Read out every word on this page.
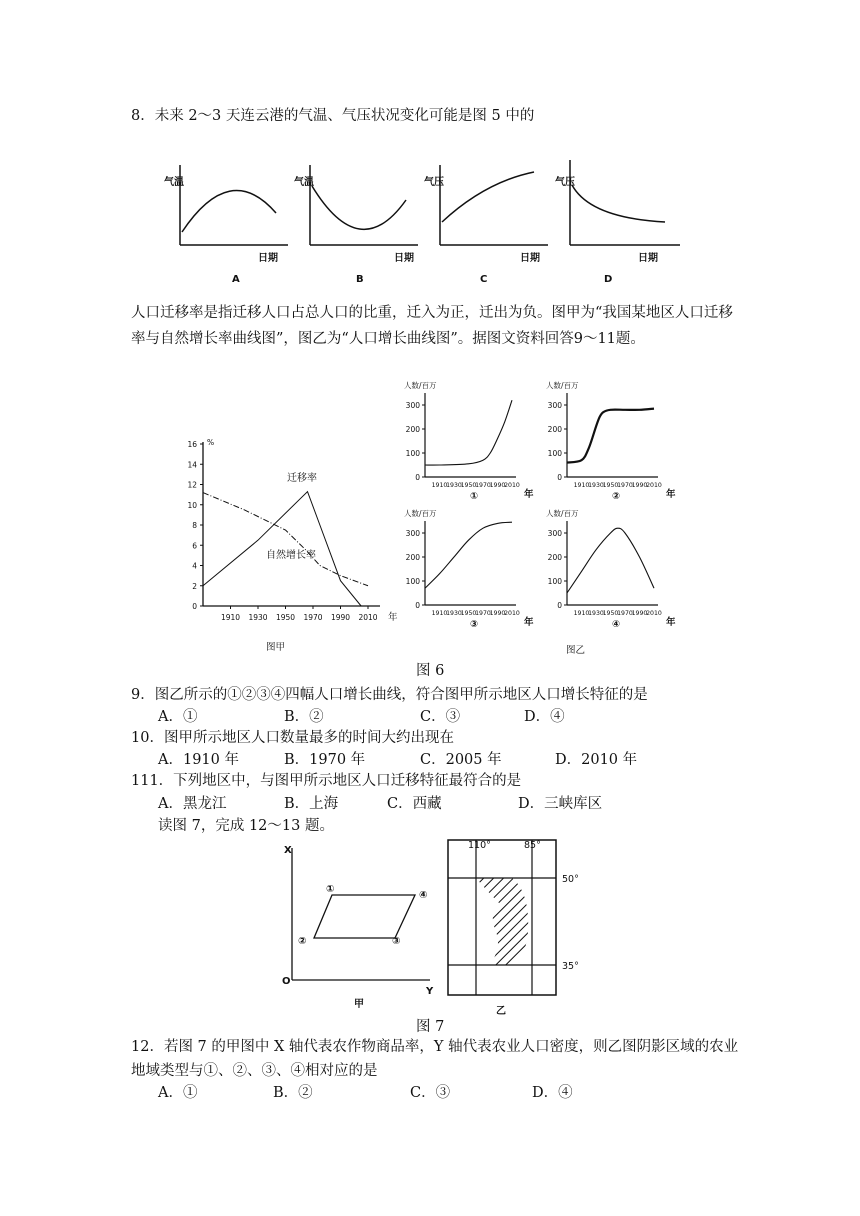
8．未来 2～3 天连云港的气温、气压状况变化可能是图 5 中的
气温
日期
A
气温
日期
B
气压
日期
C
气压
日期
D
人口迁移率是指迁移人口占总人口的比重，迁入为正，迁出为负。图甲为“我国某地区人口迁移率与自然增长率曲线图”，图乙为“人口增长曲线图”。据图文资料回答9～11题。
%
16
14
12
10
8
6
4
2
0
1910 1930 1950 1970 1990 2010 年
迁移率
自然增长率
图甲
人数/百万
300
200
100
0
1910
1930
1950
1970
1990
2010
年
①
人数/百万
300
200
100
0
1910
1930
1950
1970
1990
2010
年
②
人数/百万
300
200
100
0
1910
1930
1950
1970
1990
2010
年
③
人数/百万
300
200
100
0
1910
1930
1950
1970
1990
2010
年
④
图乙
图 6
9．图乙所示的①②③④四幅人口增长曲线，符合图甲所示地区人口增长特征的是
A．①	B．②	C．③	D．④
10．图甲所示地区人口数量最多的时间大约出现在
A．1910 年	B．1970 年	C．2005 年	D．2010 年
111．下列地区中，与图甲所示地区人口迁移特征最符合的是
A．黑龙江	B．上海	C．西藏	D．三峡库区
读图 7，完成 12～13 题。
X
Y
O
①
②	③
④
甲
110°	85°
50°
35°
乙
图 7
12．若图 7 的甲图中 X 轴代表农作物商品率，Y 轴代表农业人口密度，则乙图阴影区域的农业地域类型与①、②、③、④相对应的是
A．①	B．②	C．③	D．④
